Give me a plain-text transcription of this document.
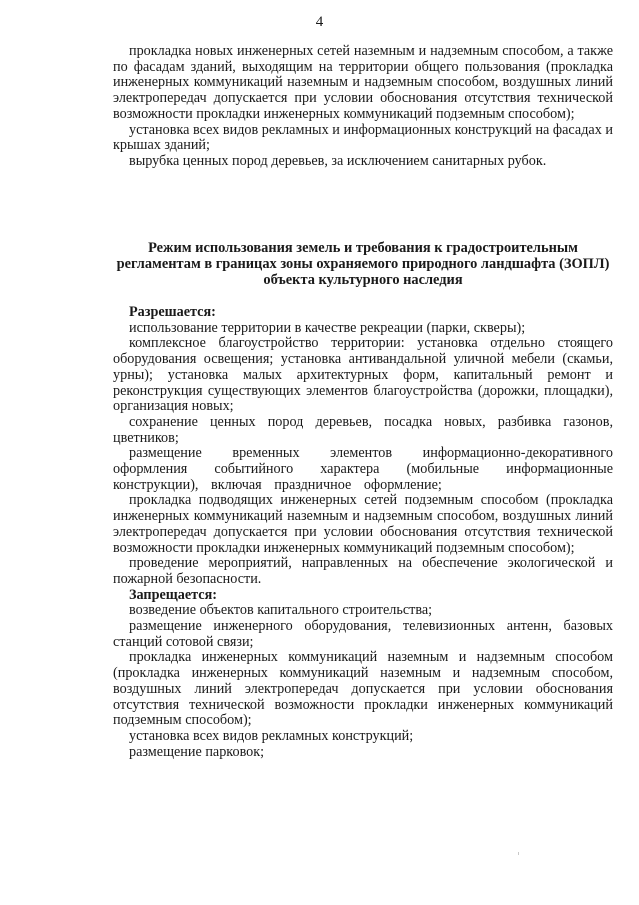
4

прокладка новых инженерных сетей наземным и надземным способом, а также по фасадам зданий, выходящим на территории общего пользования (прокладка инженерных коммуникаций наземным и надземным способом, воздушных линий электропередач допускается при условии обоснования отсутствия технической возможности прокладки инженерных коммуникаций подземным способом);

установка всех видов рекламных и информационных конструкций на фасадах и крышах зданий;

вырубка ценных пород деревьев, за исключением санитарных рубок.

Режим использования земель и требования к градостроительным
регламентам в границах зоны охраняемого природного ландшафта (ЗОПЛ)
объекта культурного наследия

Разрешается:

использование территории в качестве рекреации (парки, скверы);

комплексное благоустройство территории: установка отдельно стоящего оборудования освещения; установка антивандальной уличной мебели (скамьи, урны); установка малых архитектурных форм, капитальный ремонт и реконструкция существующих элементов благоустройства (дорожки, площадки), организация новых;

сохранение ценных пород деревьев, посадка новых, разбивка газонов, цветников;

размещение временных элементов информационно-декоративного оформления событийного характера (мобильные информационные конструкции), включая праздничное оформление;

прокладка подводящих инженерных сетей подземным способом (прокладка инженерных коммуникаций наземным и надземным способом, воздушных линий электропередач допускается при условии обоснования отсутствия технической возможности прокладки инженерных коммуникаций подземным способом);

проведение мероприятий, направленных на обеспечение экологической и пожарной безопасности.

Запрещается:

возведение объектов капитального строительства;

размещение инженерного оборудования, телевизионных антенн, базовых станций сотовой связи;

прокладка инженерных коммуникаций наземным и надземным способом (прокладка инженерных коммуникаций наземным и надземным способом, воздушных линий электропередач допускается при условии обоснования отсутствия технической возможности прокладки инженерных коммуникаций подземным способом);

установка всех видов рекламных конструкций;

размещение парковок;
